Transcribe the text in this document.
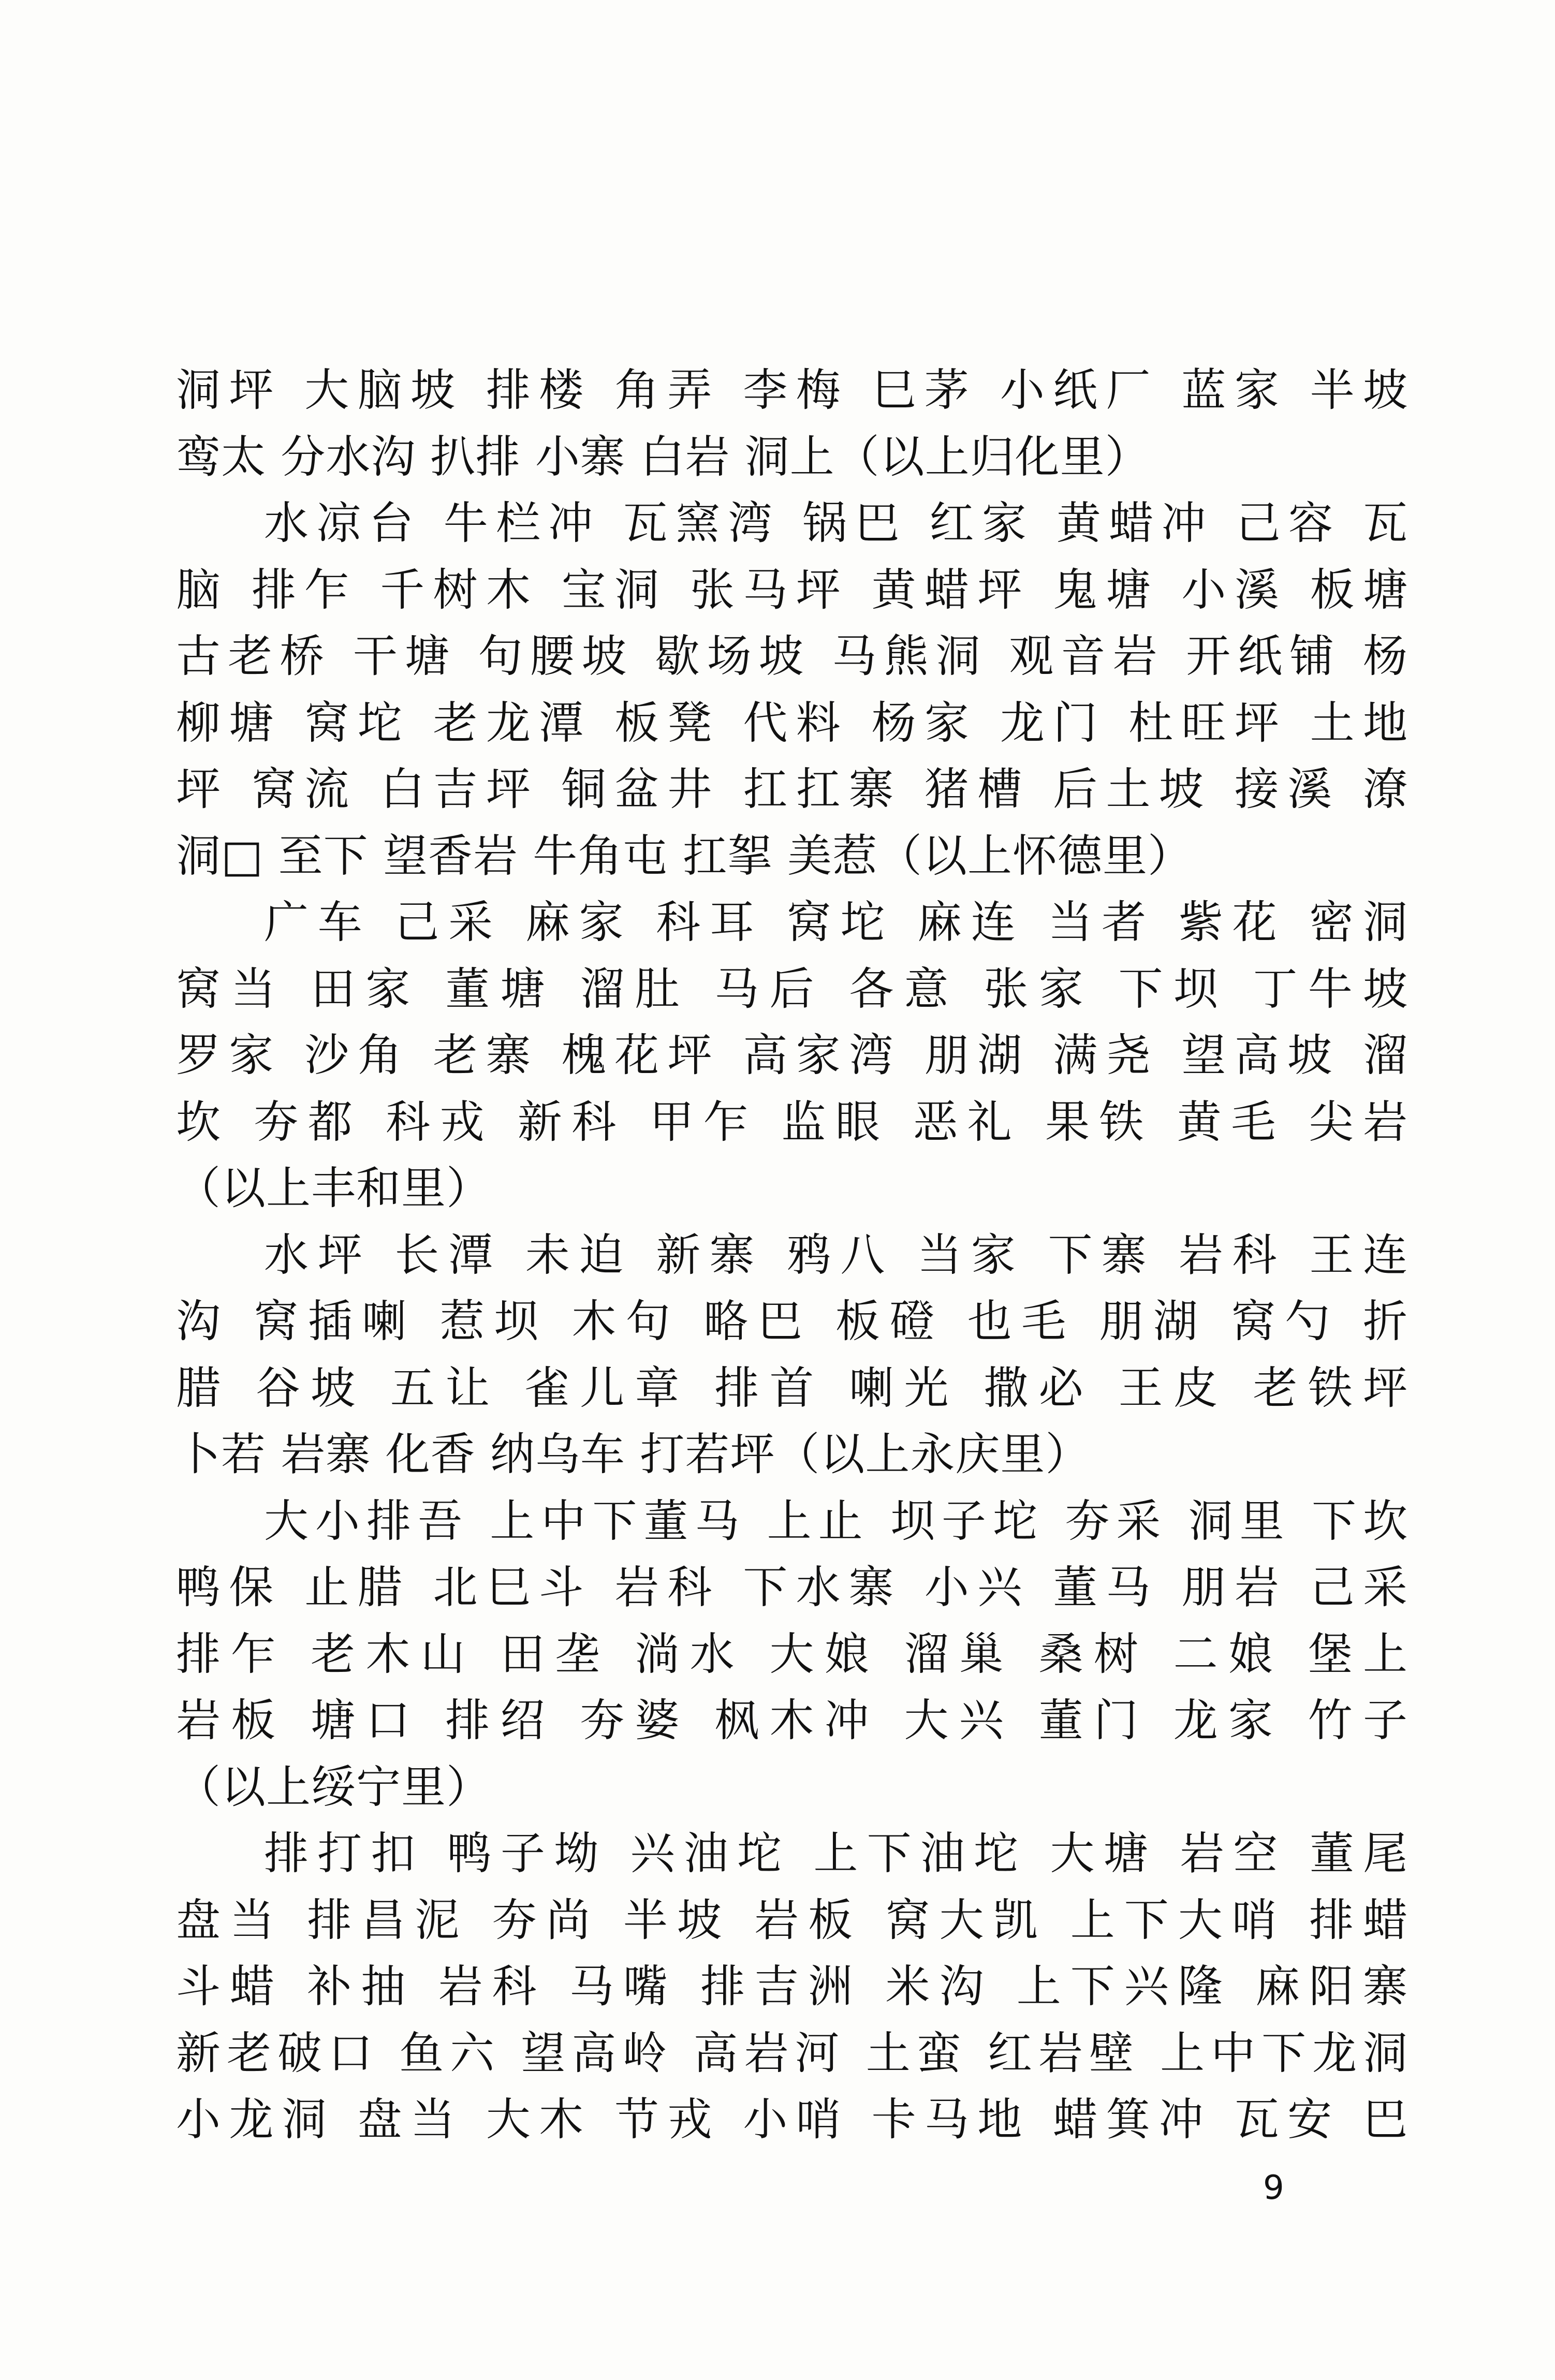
洞坪 大脑坡 排楼 角弄 李梅 巳茅 小纸厂 蓝家 半坡
鸾太 分水沟 扒排 小寨 白岩 洞上（以上归化里）
水凉台 牛栏冲 瓦窯湾 锅巴 红家 黄蜡冲 己容 瓦
脑 排乍 千树木 宝洞 张马坪 黄蜡坪 鬼塘 小溪 板塘
古老桥 干塘 句腰坡 歇场坡 马熊洞 观音岩 开纸铺 杨
柳塘 窝坨 老龙潭 板凳 代料 杨家 龙门 杜旺坪 土地
坪 窝流 白吉坪 铜盆井 扛扛寨 猪槽 后土坡 接溪 潦
洞□ 至下 望香岩 牛角屯 扛挐 美惹（以上怀德里）
广车 己采 麻家 科耳 窝坨 麻连 当者 紫花 密洞
窝当 田家 董塘 溜肚 马后 各意 张家 下坝 丁牛坡
罗家 沙角 老寨 槐花坪 高家湾 朋湖 满尧 望高坡 溜
坎 夯都 科戎 新科 甲乍 监眼 恶礼 果铁 黄毛 尖岩
（以上丰和里）
水坪 长潭 未迫 新寨 鸦八 当家 下寨 岩科 王连
沟 窝插喇 惹坝 木句 略巴 板磴 也毛 朋湖 窝勺 折
腊 谷坡 五让 雀儿章 排首 喇光 撒必 王皮 老铁坪
卜若 岩寨 化香 纳乌车 打若坪（以上永庆里）
大小排吾 上中下董马 上止 坝子坨 夯采 洞里 下坎
鸭保 止腊 北巳斗 岩科 下水寨 小兴 董马 朋岩 己采
排乍 老木山 田垄 淌水 大娘 溜巢 桑树 二娘 堡上
岩板 塘口 排绍 夯婆 枫木冲 大兴 董门 龙家 竹子
（以上绥宁里）
排打扣 鸭子坳 兴油坨 上下油坨 大塘 岩空 董尾
盘当 排昌泥 夯尚 半坡 岩板 窝大凯 上下大哨 排蜡
斗蜡 补抽 岩科 马嘴 排吉洲 米沟 上下兴隆 麻阳寨
新老破口 鱼六 望高岭 高岩河 土蛮 红岩壁 上中下龙洞
小龙洞 盘当 大木 节戎 小哨 卡马地 蜡箕冲 瓦安 巴
9
